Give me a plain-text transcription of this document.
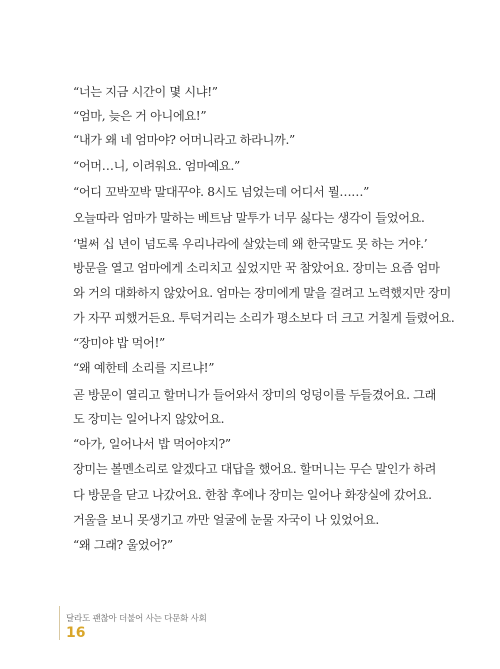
“너는 지금 시간이 몇 시냐!”
“엄마, 늦은 거 아니에요!”
“내가 왜 네 엄마야? 어머니라고 하라니까.”
“어머…니, 이려워요. 엄마예요.”
“어디 꼬박꼬박 말대꾸야. 8시도 넘었는데 어디서 뭘……”
오늘따라 엄마가 말하는 베트남 말투가 너무 싫다는 생각이 들었어요.
‘벌써 십 년이 넘도록 우리나라에 살았는데 왜 한국말도 못 하는 거야.’
방문을 열고 엄마에게 소리치고 싶었지만 꾹 참았어요. 장미는 요즘 엄마
와 거의 대화하지 않았어요. 엄마는 장미에게 말을 걸려고 노력했지만 장미
가 자꾸 피했거든요. 투덕거리는 소리가 평소보다 더 크고 거칠게 들렸어요.
“장미야 밥 먹어!”
“왜 예한테 소리를 지르냐!”
곧 방문이 열리고 할머니가 들어와서 장미의 엉덩이를 두들겼어요. 그래
도 장미는 일어나지 않았어요.
“아가, 일어나서 밥 먹어야지?”
장미는 볼멘소리로 알겠다고 대답을 했어요. 할머니는 무슨 말인가 하려
다 방문을 닫고 나갔어요. 한참 후에나 장미는 일어나 화장실에 갔어요.
거울을 보니 못생기고 까만 얼굴에 눈물 자국이 나 있었어요.
“왜 그래? 울었어?”
달라도 괜찮아 더불어 사는 다문화 사회
16
